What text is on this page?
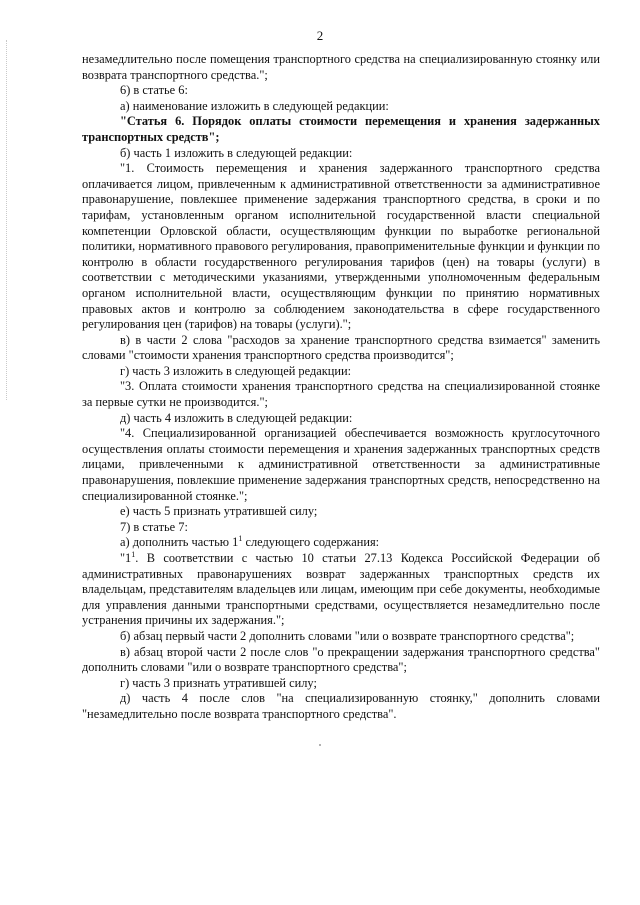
2

незамедлительно после помещения транспортного средства на специализированную стоянку или возврата транспортного средства.";

6) в статье 6:

а) наименование изложить в следующей редакции:

"Статья 6. Порядок оплаты стоимости перемещения и хранения задержанных транспортных средств";

б) часть 1 изложить в следующей редакции:

"1. Стоимость перемещения и хранения задержанного транспортного средства оплачивается лицом, привлеченным к административной ответственности за административное правонарушение, повлекшее применение задержания транспортного средства, в сроки и по тарифам, установленным органом исполнительной государственной власти специальной компетенции Орловской области, осуществляющим функции по выработке региональной политики, нормативного правового регулирования, правоприменительные функции и функции по контролю в области государственного регулирования тарифов (цен) на товары (услуги) в соответствии с методическими указаниями, утвержденными уполномоченным федеральным органом исполнительной власти, осуществляющим функции по принятию нормативных правовых актов и контролю за соблюдением законодательства в сфере государственного регулирования цен (тарифов) на товары (услуги).";

в) в части 2 слова "расходов за хранение транспортного средства взимается" заменить словами "стоимости хранения транспортного средства производится";

г) часть 3 изложить в следующей редакции:

"3. Оплата стоимости хранения транспортного средства на специализированной стоянке за первые сутки не производится.";

д) часть 4 изложить в следующей редакции:

"4. Специализированной организацией обеспечивается возможность круглосуточного осуществления оплаты стоимости перемещения и хранения задержанных транспортных средств лицами, привлеченными к административной ответственности за административные правонарушения, повлекшие применение задержания транспортных средств, непосредственно на специализированной стоянке.";

е) часть 5 признать утратившей силу;

7) в статье 7:

а) дополнить частью $1^1$ следующего содержания:

"$1^1$. В соответствии с частью 10 статьи 27.13 Кодекса Российской Федерации об административных правонарушениях возврат задержанных транспортных средств их владельцам, представителям владельцев или лицам, имеющим при себе документы, необходимые для управления данными транспортными средствами, осуществляется незамедлительно после устранения причины их задержания.";

б) абзац первый части 2 дополнить словами "или о возврате транспортного средства";

в) абзац второй части 2 после слов "о прекращении задержания транспортного средства" дополнить словами "или о возврате транспортного средства";

г) часть 3 признать утратившей силу;

д) часть 4 после слов "на специализированную стоянку," дополнить словами "незамедлительно после возврата транспортного средства".
